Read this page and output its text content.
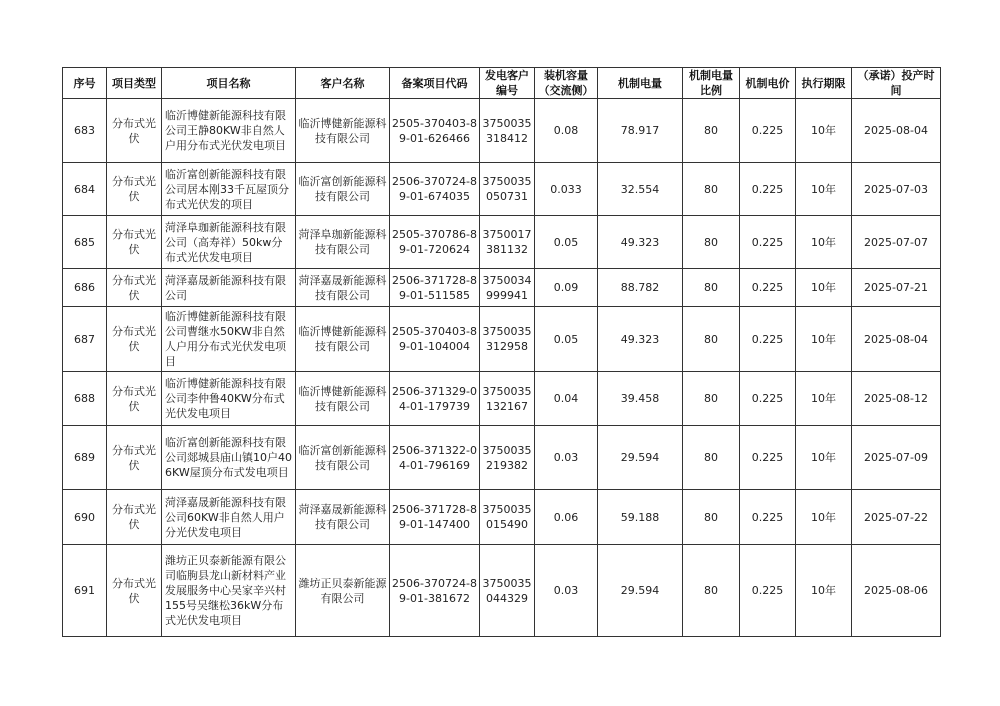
序号	项目类型	项目名称	客户名称	备案项目代码	发电客户编号	装机容量（交流侧）	机制电量	机制电量比例	机制电价	执行期限	（承诺）投产时间
683	分布式光伏	临沂博健新能源科技有限公司王静80KW非自然人户用分布式光伏发电项目	临沂博健新能源科技有限公司	2505-370403-89-01-626466	3750035318412	0.08	78.917	80	0.225	10年	2025-08-04
684	分布式光伏	临沂富创新能源科技有限公司居本刚33千瓦屋顶分布式光伏发的项目	临沂富创新能源科技有限公司	2506-370724-89-01-674035	3750035050731	0.033	32.554	80	0.225	10年	2025-07-03
685	分布式光伏	菏泽阜珈新能源科技有限公司（高寿祥）50kw分布式光伏发电项目	菏泽阜珈新能源科技有限公司	2505-370786-89-01-720624	3750017381132	0.05	49.323	80	0.225	10年	2025-07-07
686	分布式光伏	菏泽嘉晟新能源科技有限公司	菏泽嘉晟新能源科技有限公司	2506-371728-89-01-511585	3750034999941	0.09	88.782	80	0.225	10年	2025-07-21
687	分布式光伏	临沂博健新能源科技有限公司曹继水50KW非自然人户用分布式光伏发电项目	临沂博健新能源科技有限公司	2505-370403-89-01-104004	3750035312958	0.05	49.323	80	0.225	10年	2025-08-04
688	分布式光伏	临沂博健新能源科技有限公司李仲鲁40KW分布式光伏发电项目	临沂博健新能源科技有限公司	2506-371329-04-01-179739	3750035132167	0.04	39.458	80	0.225	10年	2025-08-12
689	分布式光伏	临沂富创新能源科技有限公司郯城县庙山镇10户406KW屋顶分布式发电项目	临沂富创新能源科技有限公司	2506-371322-04-01-796169	3750035219382	0.03	29.594	80	0.225	10年	2025-07-09
690	分布式光伏	菏泽嘉晟新能源科技有限公司60KW非自然人用户分光伏发电项目	菏泽嘉晟新能源科技有限公司	2506-371728-89-01-147400	3750035015490	0.06	59.188	80	0.225	10年	2025-07-22
691	分布式光伏	潍坊正贝泰新能源有限公司临朐县龙山新材料产业发展服务中心吴家辛兴村155号吴继松36kW分布式光伏发电项目	潍坊正贝泰新能源有限公司	2506-370724-89-01-381672	3750035044329	0.03	29.594	80	0.225	10年	2025-08-06
